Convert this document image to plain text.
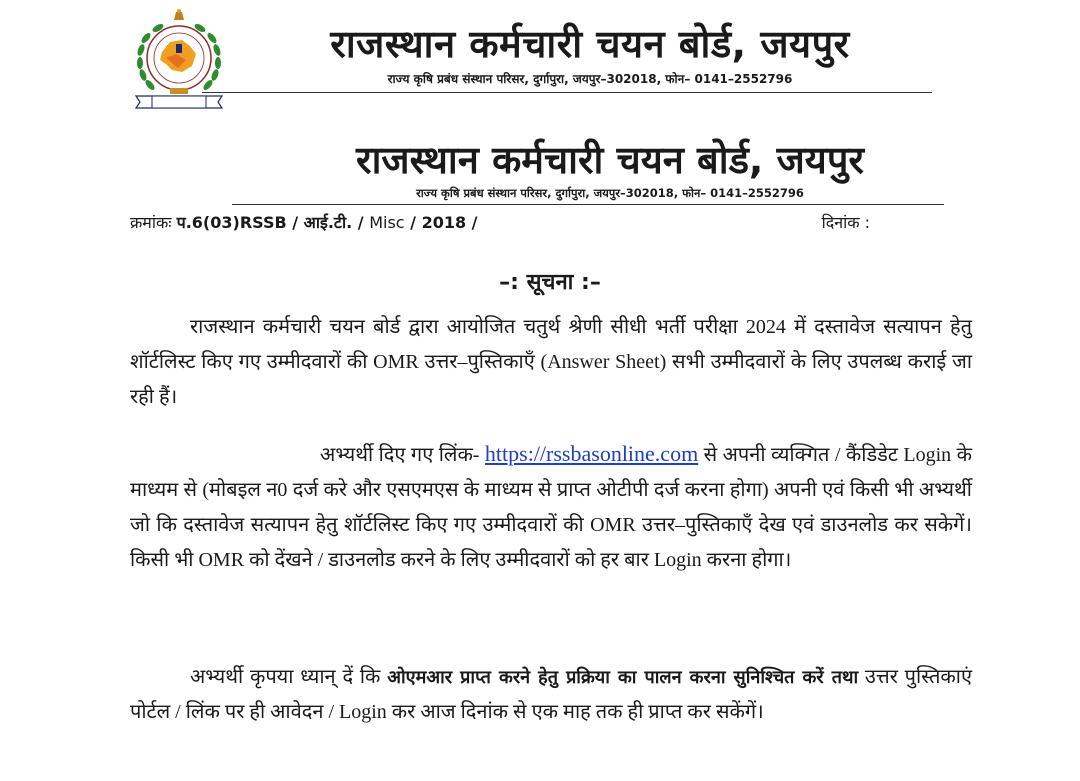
राजस्थान कर्मचारी चयन बोर्ड, जयपुर
राज्य कृषि प्रबंध संस्थान परिसर, दुर्गापुरा, जयपुर–302018, फोन– 0141–2552796
राजस्थान कर्मचारी चयन बोर्ड, जयपुर
राज्य कृषि प्रबंध संस्थान परिसर, दुर्गापुरा, जयपुर–302018, फोन– 0141–2552796
क्रमांकः प.6(03)RSSB / आई.टी. / Misc / 2018 /	दिनांक :
–: सूचना :–
राजस्थान कर्मचारी चयन बोर्ड द्वारा आयोजित चतुर्थ श्रेणी सीधी भर्ती परीक्षा 2024 में दस्तावेज सत्यापन हेतु शॉर्टलिस्ट किए गए उम्मीदवारों की OMR उत्तर–पुस्तिकाएँ (Answer Sheet) सभी उम्मीदवारों के लिए उपलब्ध कराई जा रही हैं।
अभ्यर्थी दिए गए लिंक- https://rssbasonline.com से अपनी व्यक्गित / कैंडिडेट Login के माध्यम से (मोबइल न0 दर्ज करे और एसएमएस के माध्यम से प्राप्त ओटीपी दर्ज करना होगा) अपनी एवं किसी भी अभ्यर्थी जो कि दस्तावेज सत्यापन हेतु शॉर्टलिस्ट किए गए उम्मीदवारों की OMR उत्तर–पुस्तिकाएँ देख एवं डाउनलोड कर सकेगें। किसी भी OMR को देंखने / डाउनलोड करने के लिए उम्मीदवारों को हर बार Login करना होगा।
अभ्यर्थी कृपया ध्यान् दें कि ओएमआर प्राप्त करने हेतु प्रक्रिया का पालन करना सुनिश्चित करें तथा उत्तर पुस्तिकाएं पोर्टल / लिंक पर ही आवेदन / Login कर आज दिनांक से एक माह तक ही प्राप्त कर सकेंगें।
